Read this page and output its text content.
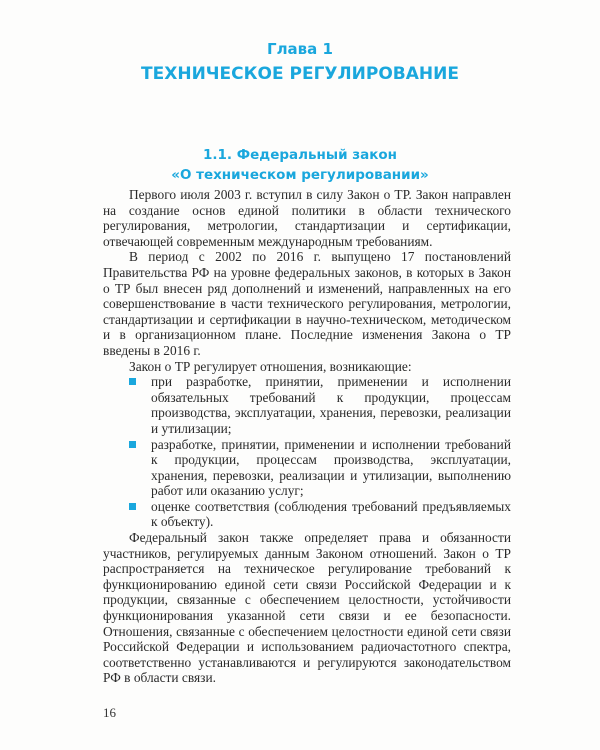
Глава 1
ТЕХНИЧЕСКОЕ РЕГУЛИРОВАНИЕ
1.1. Федеральный закон
«О техническом регулировании»

Первого июля 2003 г. вступил в силу Закон о ТР. Закон направлен на создание основ единой политики в области технического регулирования, метрологии, стандартизации и сертификации, отвечающей современным международным требованиям.

В период с 2002 по 2016 г. выпущено 17 постановлений Правительства РФ на уровне федеральных законов, в которых в Закон о ТР был внесен ряд дополнений и изменений, направленных на его совершенствование в части технического регулирования, метрологии, стандартизации и сертификации в научно-техническом, методическом и в организационном плане. Последние изменения Закона о ТР введены в 2016 г.

Закон о ТР регулирует отношения, возникающие:

при разработке, принятии, применении и исполнении обязательных требований к продукции, процессам производства, эксплуатации, хранения, перевозки, реализации и утилизации;
разработке, принятии, применении и исполнении требований к продукции, процессам производства, эксплуатации, хранения, перевозки, реализации и утилизации, выполнению работ или оказанию услуг;
оценке соответствия (соблюдения требований предъявляемых к объекту).

Федеральный закон также определяет права и обязанности участников, регулируемых данным Законом отношений. Закон о ТР распространяется на техническое регулирование требований к функционированию единой сети связи Российской Федерации и к продукции, связанные с обеспечением целостности, устойчивости функционирования указанной сети связи и ее безопасности. Отношения, связанные с обеспечением целостности единой сети связи Российской Федерации и использованием радиочастотного спектра, соответственно устанавливаются и регулируются законодательством РФ в области связи.

16
